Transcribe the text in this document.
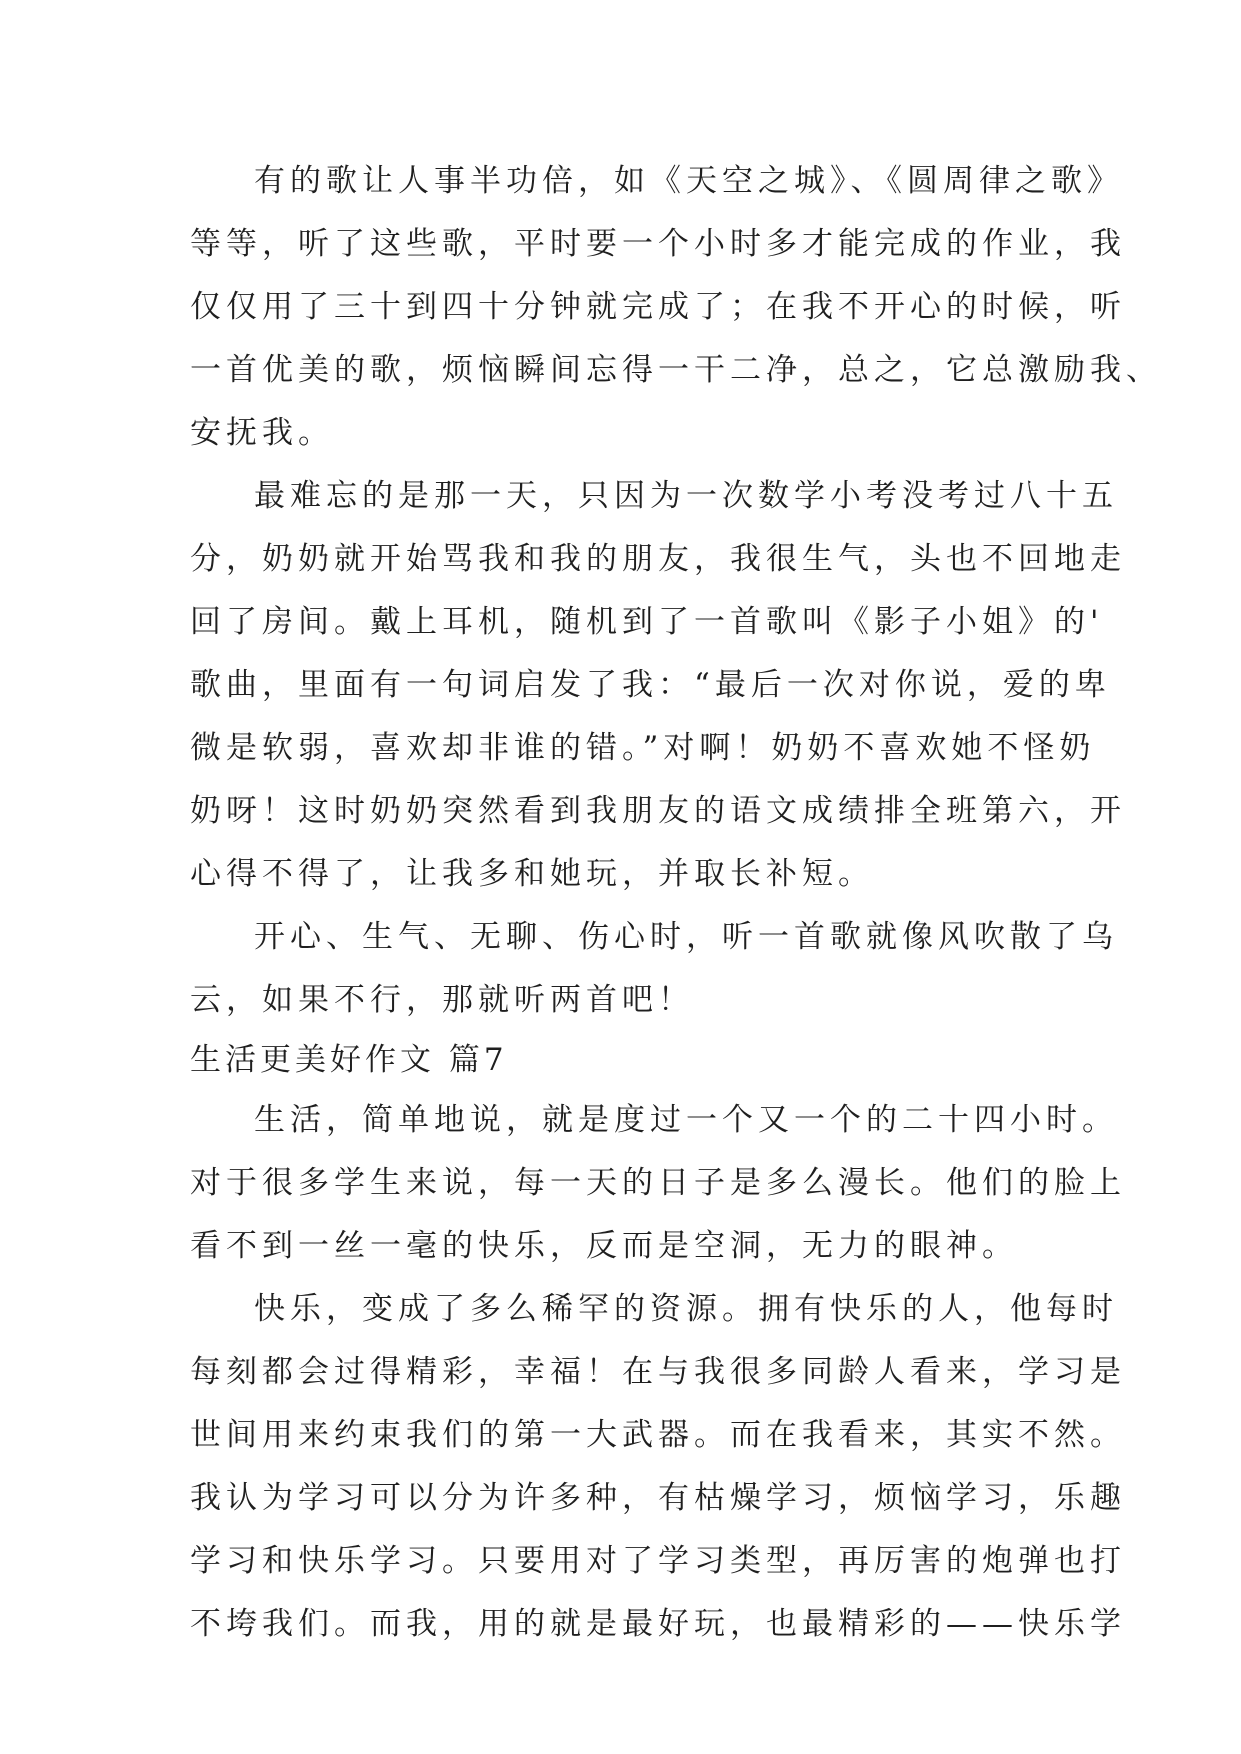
有的歌让人事半功倍，如《天空之城》、《圆周律之歌》
等等，听了这些歌，平时要一个小时多才能完成的作业，我
仅仅用了三十到四十分钟就完成了；在我不开心的时候，听
一首优美的歌，烦恼瞬间忘得一干二净，总之，它总激励我、
安抚我。
最难忘的是那一天，只因为一次数学小考没考过八十五
分，奶奶就开始骂我和我的朋友，我很生气，头也不回地走
回了房间。戴上耳机，随机到了一首歌叫《影子小姐》的'
歌曲，里面有一句词启发了我：“最后一次对你说，爱的卑
微是软弱，喜欢却非谁的错。”对啊！奶奶不喜欢她不怪奶
奶呀！这时奶奶突然看到我朋友的语文成绩排全班第六，开
心得不得了，让我多和她玩，并取长补短。
开心、生气、无聊、伤心时，听一首歌就像风吹散了乌
云，如果不行，那就听两首吧！
生活更美好作文 篇7
生活，简单地说，就是度过一个又一个的二十四小时。
对于很多学生来说，每一天的日子是多么漫长。他们的脸上
看不到一丝一毫的快乐，反而是空洞，无力的眼神。
快乐，变成了多么稀罕的资源。拥有快乐的人，他每时
每刻都会过得精彩，幸福！在与我很多同龄人看来，学习是
世间用来约束我们的第一大武器。而在我看来，其实不然。
我认为学习可以分为许多种，有枯燥学习，烦恼学习，乐趣
学习和快乐学习。只要用对了学习类型，再厉害的炮弹也打
不垮我们。而我，用的就是最好玩，也最精彩的——快乐学
